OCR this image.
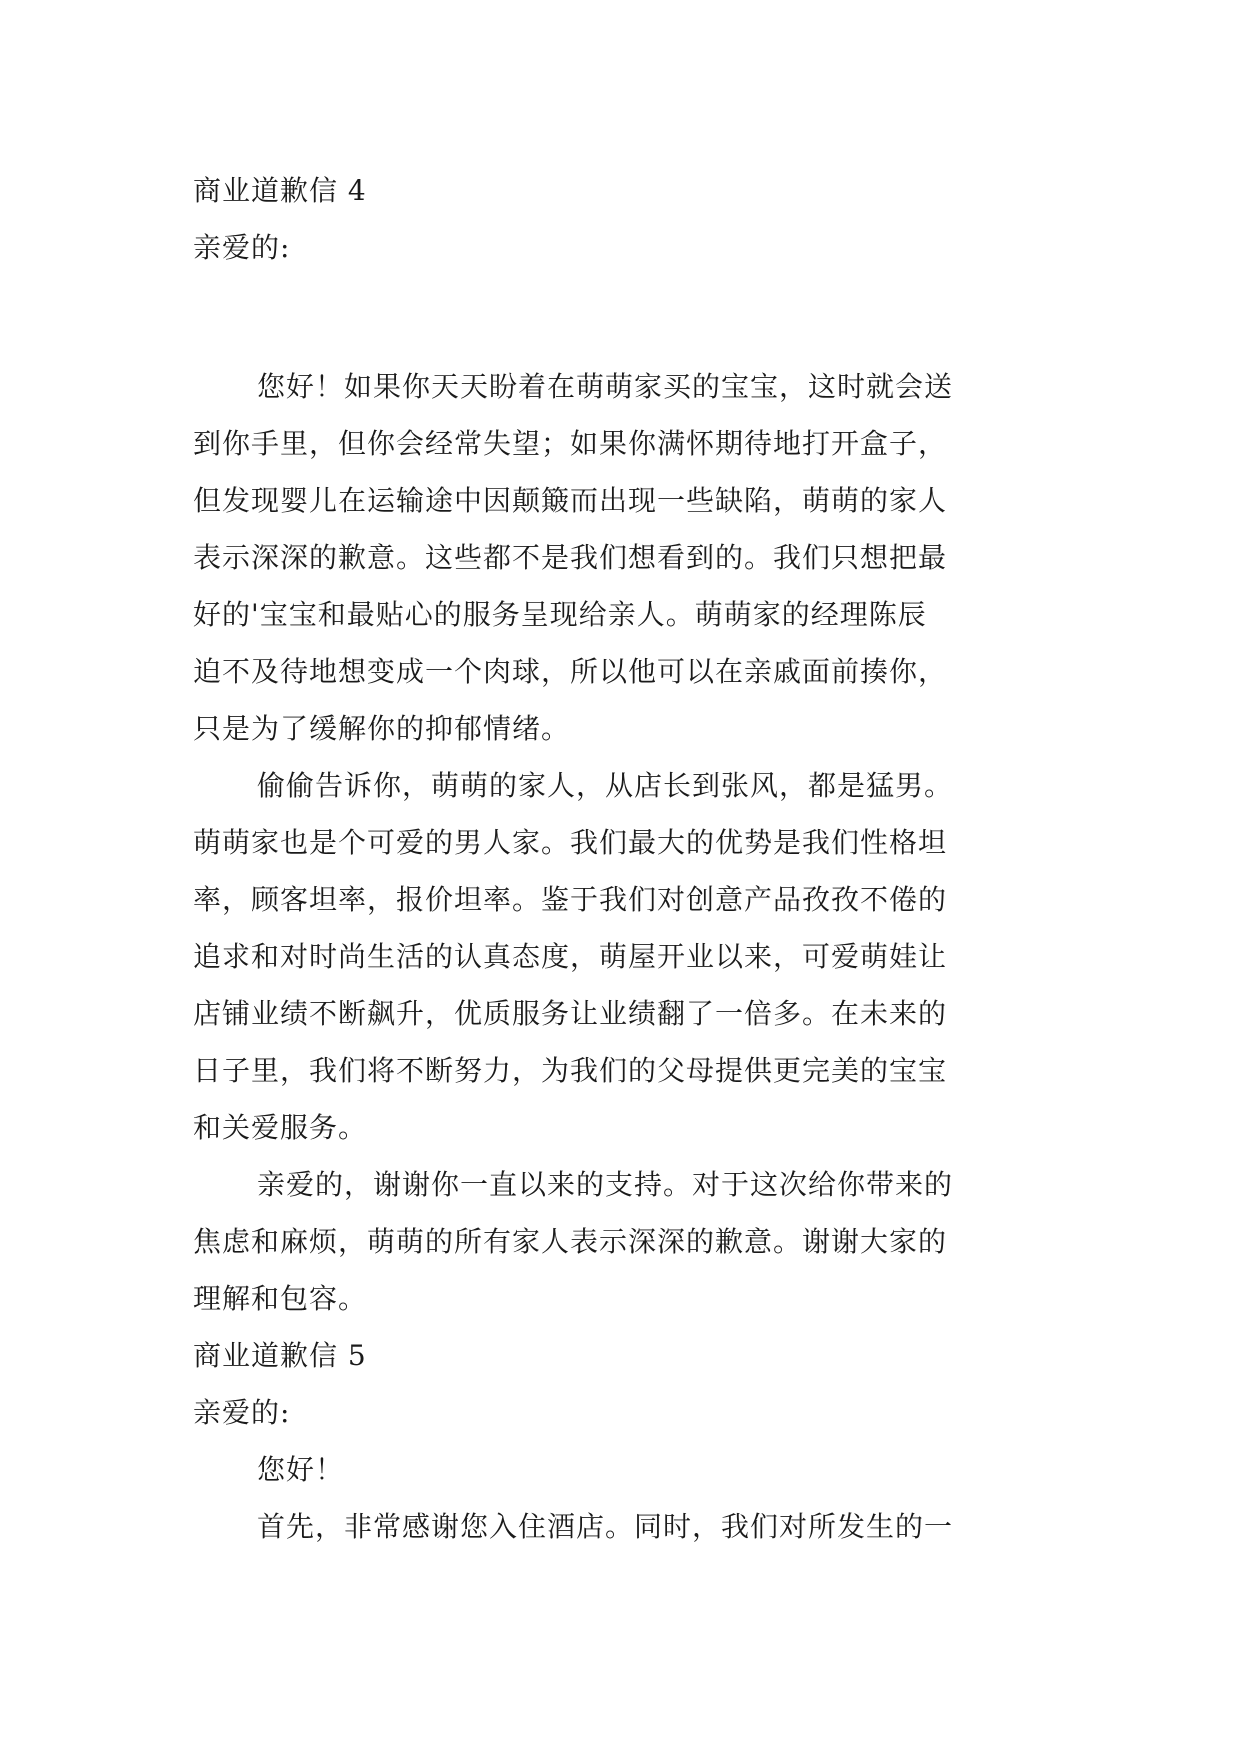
商业道歉信 4
亲爱的:
您好！如果你天天盼着在萌萌家买的宝宝，这时就会送
到你手里，但你会经常失望；如果你满怀期待地打开盒子，
但发现婴儿在运输途中因颠簸而出现一些缺陷，萌萌的家人
表示深深的歉意。这些都不是我们想看到的。我们只想把最
好的'宝宝和最贴心的服务呈现给亲人。萌萌家的经理陈辰
迫不及待地想变成一个肉球，所以他可以在亲戚面前揍你，
只是为了缓解你的抑郁情绪。
偷偷告诉你，萌萌的家人，从店长到张风，都是猛男。
萌萌家也是个可爱的男人家。我们最大的优势是我们性格坦
率，顾客坦率，报价坦率。鉴于我们对创意产品孜孜不倦的
追求和对时尚生活的认真态度，萌屋开业以来，可爱萌娃让
店铺业绩不断飙升，优质服务让业绩翻了一倍多。在未来的
日子里，我们将不断努力，为我们的父母提供更完美的宝宝
和关爱服务。
亲爱的，谢谢你一直以来的支持。对于这次给你带来的
焦虑和麻烦，萌萌的所有家人表示深深的歉意。谢谢大家的
理解和包容。
商业道歉信 5
亲爱的:
您好！
首先，非常感谢您入住酒店。同时，我们对所发生的一
